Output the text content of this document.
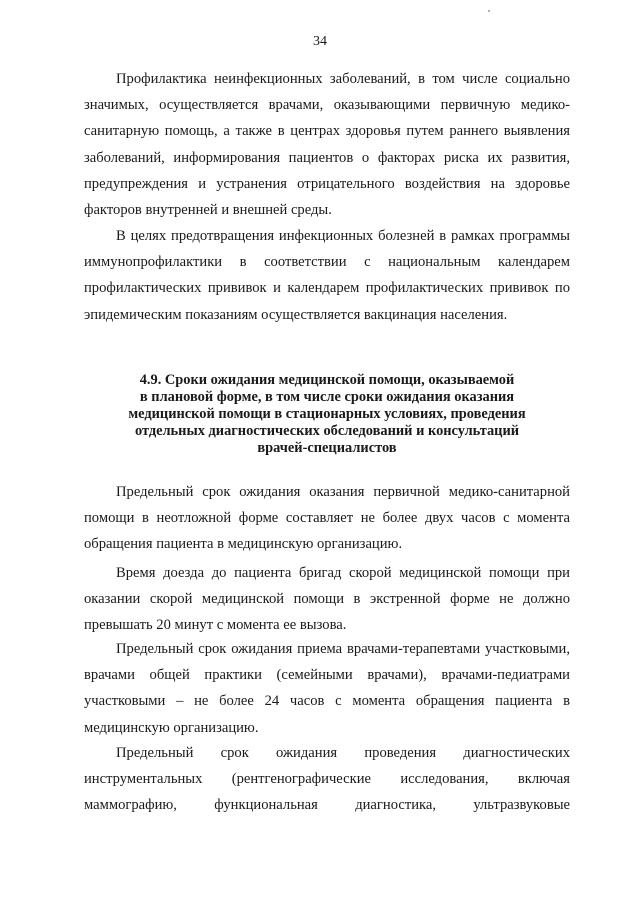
34

Профилактика неинфекционных заболеваний, в том числе социально значимых, осуществляется врачами, оказывающими первичную медико-санитарную помощь, а также в центрах здоровья путем раннего выявления заболеваний, информирования пациентов о факторах риска их развития, предупреждения и устранения отрицательного воздействия на здоровье факторов внутренней и внешней среды.

В целях предотвращения инфекционных болезней в рамках программы иммунопрофилактики в соответствии с национальным календарем профилактических прививок и календарем профилактических прививок по эпидемическим показаниям осуществляется вакцинация населения.

4.9. Сроки ожидания медицинской помощи, оказываемой
в плановой форме, в том числе сроки ожидания оказания
медицинской помощи в стационарных условиях, проведения
отдельных диагностических обследований и консультаций
врачей-специалистов

Предельный срок ожидания оказания первичной медико-санитарной помощи в неотложной форме составляет не более двух часов с момента обращения пациента в медицинскую организацию.

Время доезда до пациента бригад скорой медицинской помощи при оказании скорой медицинской помощи в экстренной форме не должно превышать 20 минут с момента ее вызова.

Предельный срок ожидания приема врачами-терапевтами участковыми, врачами общей практики (семейными врачами), врачами-педиатрами участковыми – не более 24 часов с момента обращения пациента в медицинскую организацию.

Предельный срок ожидания проведения диагностических
инструментальных (рентгенографические исследования, включая
маммографию, функциональная диагностика, ультразвуковые
